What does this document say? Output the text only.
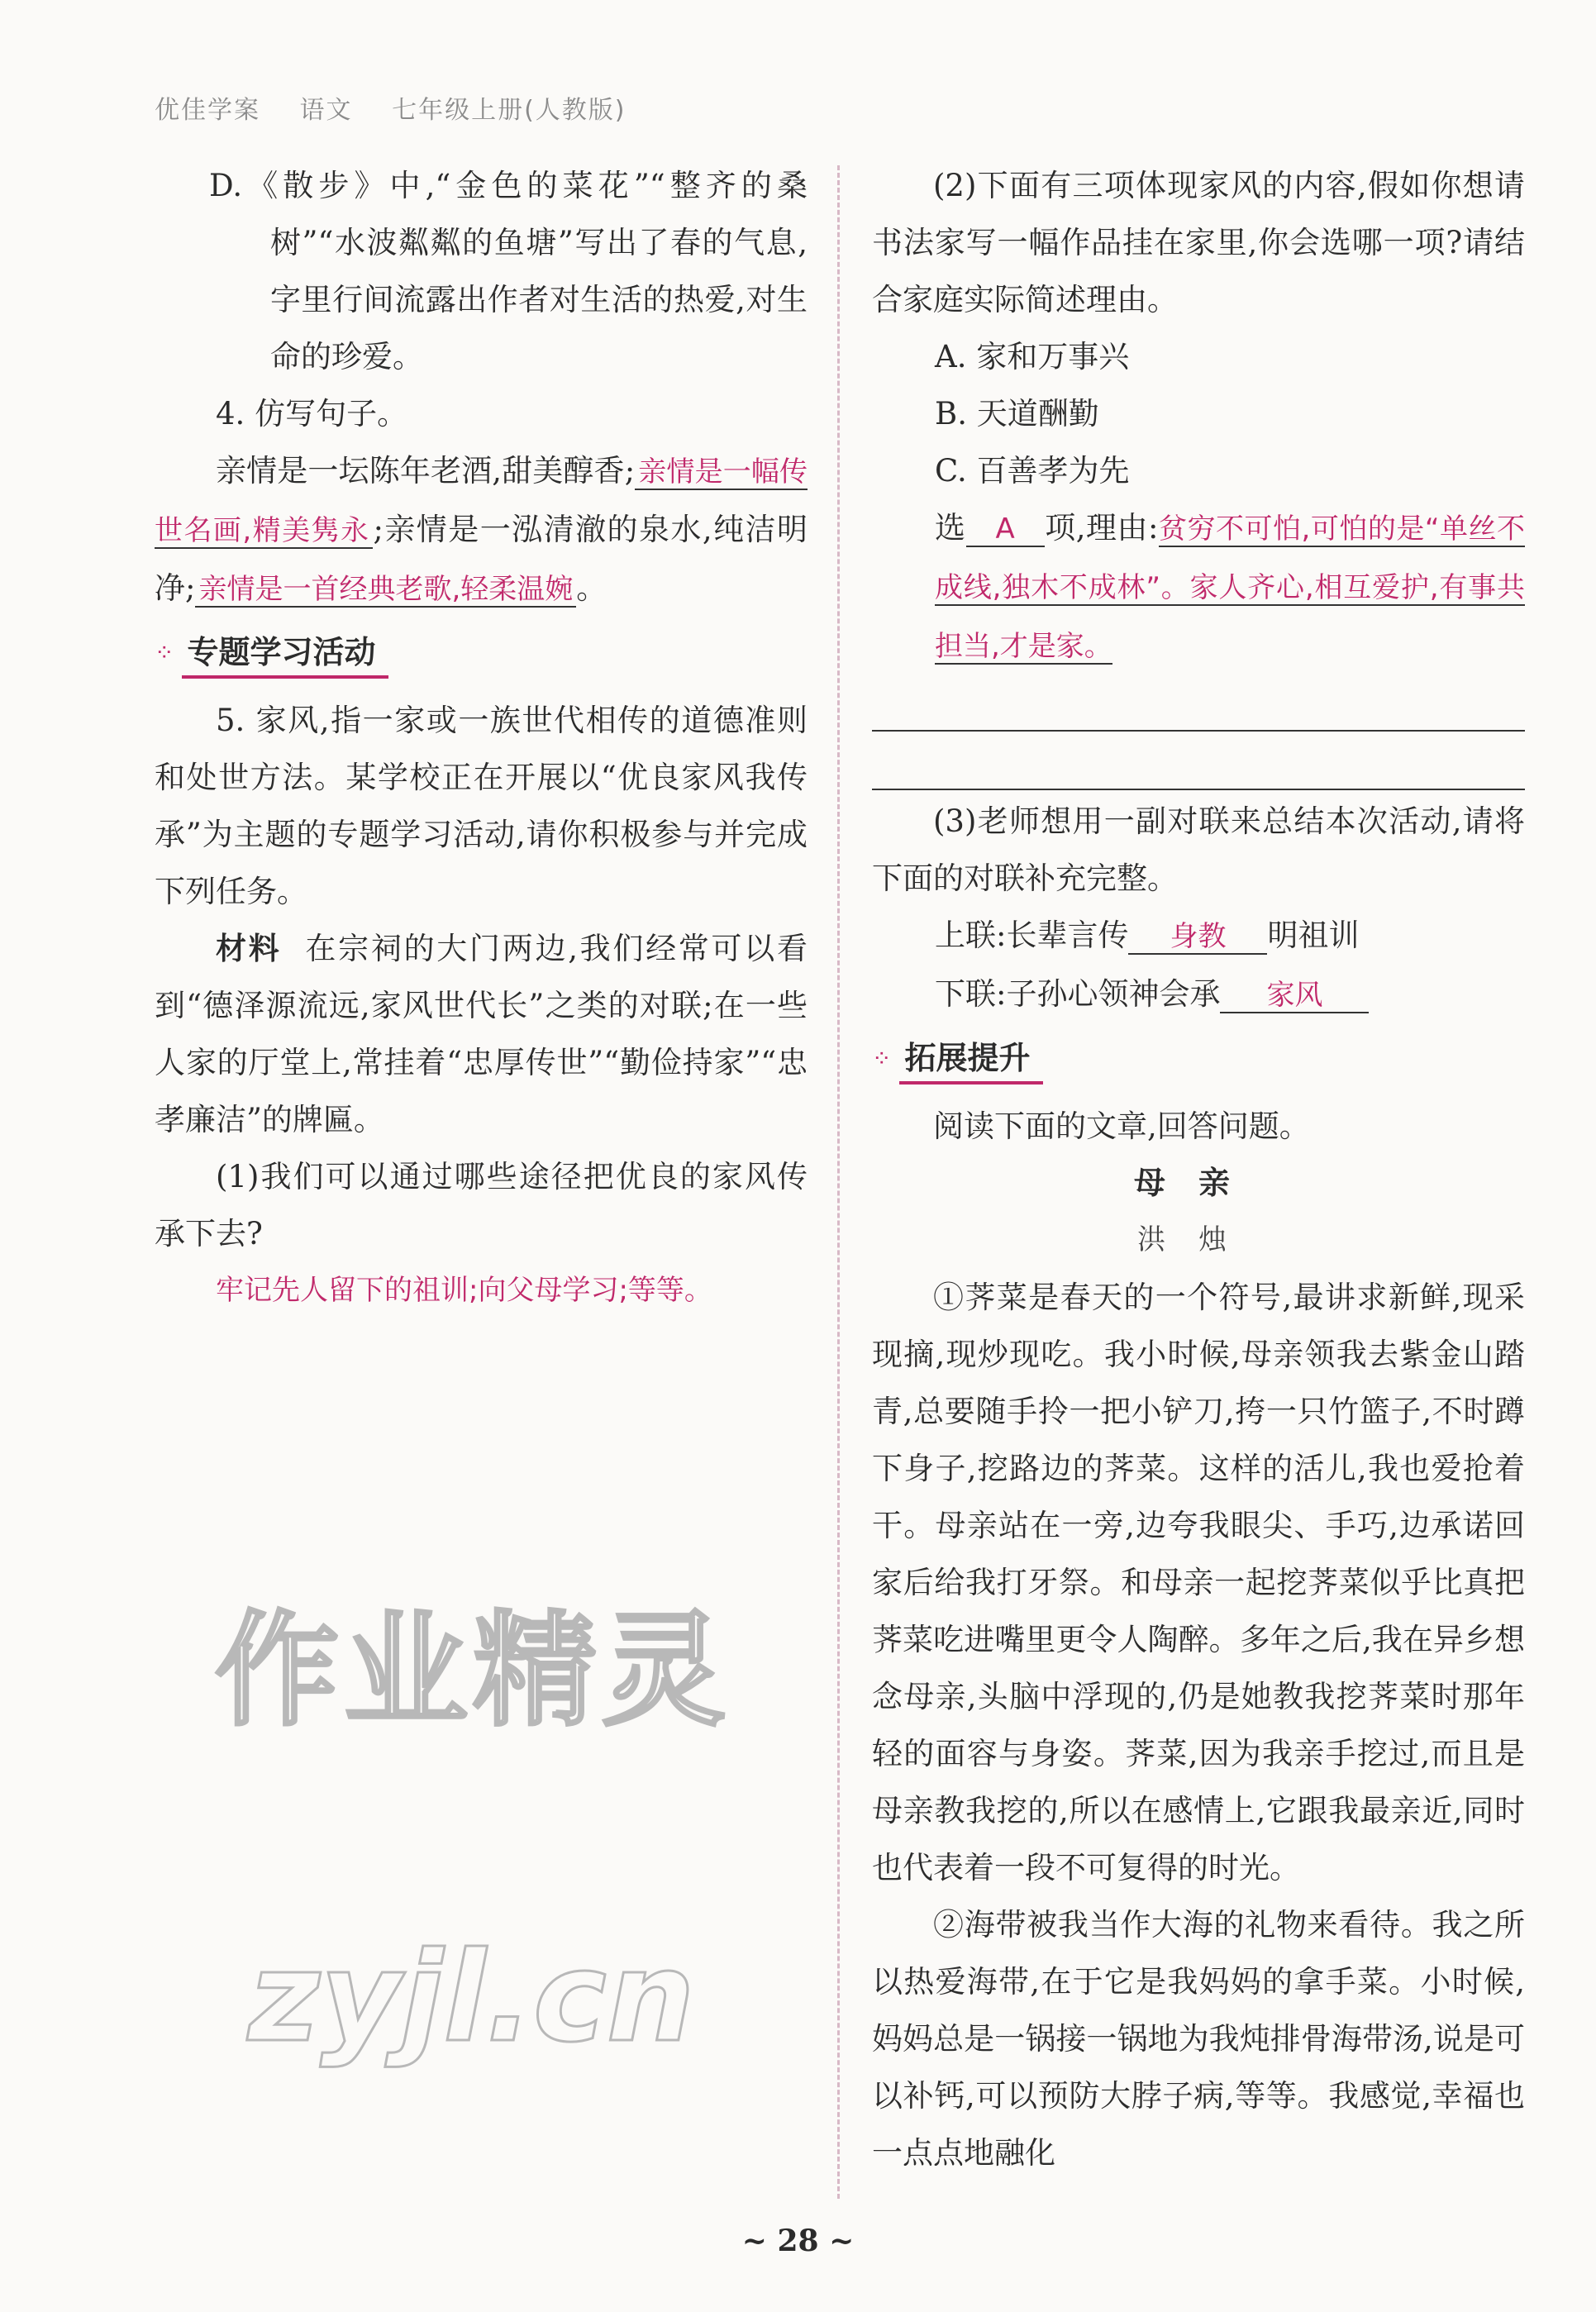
优佳学案 语文 七年级上册(人教版)

D.《散步》中,“金色的菜花”“整齐的桑树”“水波粼粼的鱼塘”写出了春的气息,字里行间流露出作者对生活的热爱,对生命的珍爱。

4. 仿写句子。

亲情是一坛陈年老酒,甜美醇香; 亲情是一幅传世名画,精美隽永 ;亲情是一泓清澈的泉水,纯洁明净; 亲情是一首经典老歌,轻柔温婉 。

⁘ 专题学习活动

5. 家风,指一家或一族世代相传的道德准则和处世方法。某学校正在开展以“优良家风我传承”为主题的专题学习活动,请你积极参与并完成下列任务。

材料 在宗祠的大门两边,我们经常可以看到“德泽源流远,家风世代长”之类的对联;在一些人家的厅堂上,常挂着“忠厚传世”“勤俭持家”“忠孝廉洁”的牌匾。

(1)我们可以通过哪些途径把优良的家风传承下去?

牢记先人留下的祖训;向父母学习;等等。

作业精灵
zyjl.cn

(2)下面有三项体现家风的内容,假如你想请书法家写一幅作品挂在家里,你会选哪一项?请结合家庭实际简述理由。

A. 家和万事兴

B. 天道酬勤

C. 百善孝为先

选 A 项,理由:贫穷不可怕,可怕的是“单丝不成线,独木不成林”。家人齐心,相互爱护,有事共担当,才是家。

(3)老师想用一副对联来总结本次活动,请将下面的对联补充完整。

上联:长辈言传 身教 明祖训

下联:子孙心领神会承 家风

⁘ 拓展提升

阅读下面的文章,回答问题。

母亲

洪烛

①荠菜是春天的一个符号,最讲求新鲜,现采现摘,现炒现吃。我小时候,母亲领我去紫金山踏青,总要随手拎一把小铲刀,挎一只竹篮子,不时蹲下身子,挖路边的荠菜。这样的活儿,我也爱抢着干。母亲站在一旁,边夸我眼尖、手巧,边承诺回家后给我打牙祭。和母亲一起挖荠菜似乎比真把荠菜吃进嘴里更令人陶醉。多年之后,我在异乡想念母亲,头脑中浮现的,仍是她教我挖荠菜时那年轻的面容与身姿。荠菜,因为我亲手挖过,而且是母亲教我挖的,所以在感情上,它跟我最亲近,同时也代表着一段不可复得的时光。

②海带被我当作大海的礼物来看待。我之所以热爱海带,在于它是我妈妈的拿手菜。小时候,妈妈总是一锅接一锅地为我炖排骨海带汤,说是可以补钙,可以预防大脖子病,等等。我感觉,幸福也一点点地融化

~ 28 ~
